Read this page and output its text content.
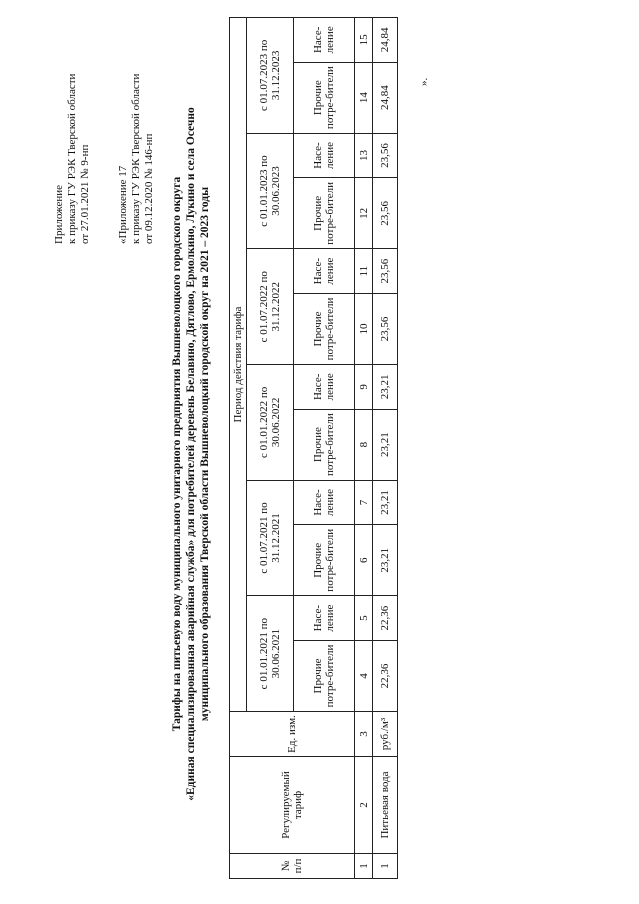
Приложение к приказу ГУ РЭК Тверской области от 27.01.2021 № 9-нп «Приложение 17 к приказу ГУ РЭК Тверской области от 09.12.2020 № 146-нп Тарифы на питьевую воду муниципального унитарного предприятия Вышневолоцкого городского округа «Единая специализированная аварийная служба» для потребителей деревень Белавино, Дятлово, Ермолкино, Лукино и села Осечно муниципального образования Тверской области Вышневолоцкий городской округ на 2021 – 2023 годы
№ п/п	Регулируемый тариф	Ед. изм.	Период действия тарифа											
			с 01.01.2021 по 30.06.2021		с 01.07.2021 по 31.12.2021		с 01.01.2022 по 30.06.2022		с 01.07.2022 по 31.12.2022		с 01.01.2023 по 30.06.2023		с 01.07.2023 по 31.12.2023	
			Прочие потре-бители	Насе-ление	Прочие потре-бители	Насе-ление	Прочие потре-бители	Насе-ление	Прочие потре-бители	Насе-ление	Прочие потре-бители	Насе-ление	Прочие потре-бители	Насе-ление
1	2	3	4	5	6	7	8	9	10	11	12	13	14	15
1	Питьевая вода	руб./м³	22,36	22,36	23,21	23,21	23,21	23,21	23,56	23,56	23,56	23,56	24,84	24,84
».
